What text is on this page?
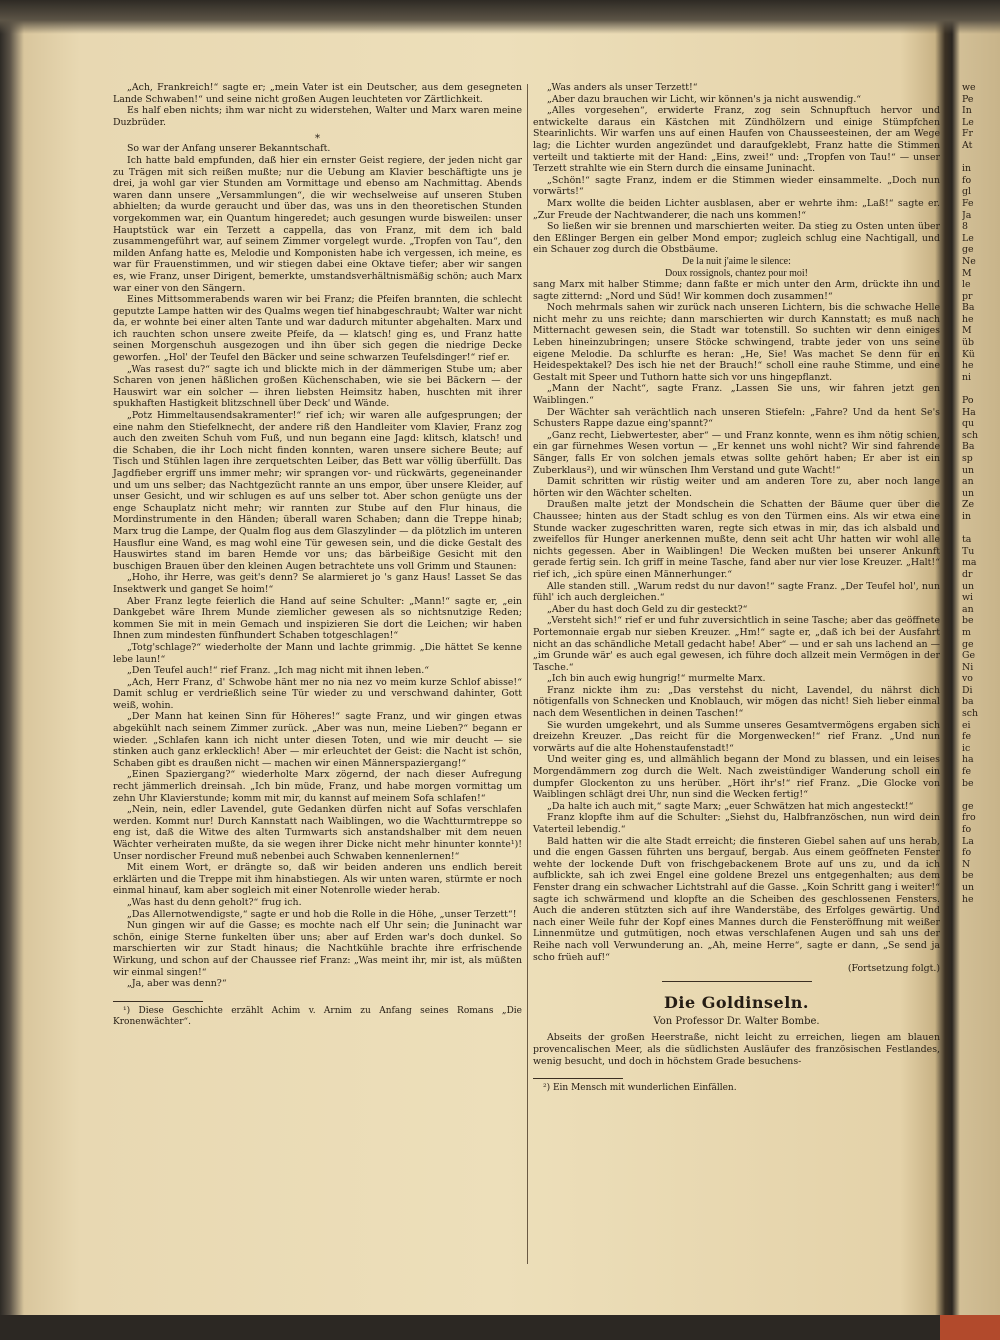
„Ach, Frankreich!“ sagte er; „mein Vater ist ein Deutscher, aus dem gesegneten Lande Schwaben!“ und seine nicht großen Augen leuchteten vor Zärtlichkeit.

Es half eben nichts; ihm war nicht zu widerstehen, Walter und Marx waren meine Duzbrüder.

⁎

So war der Anfang unserer Bekanntschaft.

Ich hatte bald empfunden, daß hier ein ernster Geist regiere, der jeden nicht gar zu Trägen mit sich reißen mußte; nur die Uebung am Klavier beschäftigte uns je drei, ja wohl gar vier Stunden am Vormittage und ebenso am Nachmittag. Abends waren dann unsere „Versammlungen“, die wir wechselweise auf unseren Stuben abhielten; da wurde geraucht und über das, was uns in den theoretischen Stunden vorgekommen war, ein Quantum hingeredet; auch gesungen wurde bisweilen: unser Hauptstück war ein Terzett a cappella, das von Franz, mit dem ich bald zusammengeführt war, auf seinem Zimmer vorgelegt wurde. „Tropfen von Tau“, den milden Anfang hatte es, Melodie und Komponisten habe ich vergessen, ich meine, es war für Frauenstimmen, und wir stiegen dabei eine Oktave tiefer; aber wir sangen es, wie Franz, unser Dirigent, bemerkte, umstandsverhältnismäßig schön; auch Marx war einer von den Sängern.

Eines Mittsommerabends waren wir bei Franz; die Pfeifen brannten, die schlecht geputzte Lampe hatten wir des Qualms wegen tief hinabgeschraubt; Walter war nicht da, er wohnte bei einer alten Tante und war dadurch mitunter abgehalten. Marx und ich rauchten schon unsere zweite Pfeife, da — klatsch! ging es, und Franz hatte seinen Morgenschuh ausgezogen und ihn über sich gegen die niedrige Decke geworfen. „Hol' der Teufel den Bäcker und seine schwarzen Teufelsdinger!“ rief er.

„Was rasest du?“ sagte ich und blickte mich in der dämmerigen Stube um; aber Scharen von jenen häßlichen großen Küchenschaben, wie sie bei Bäckern — der Hauswirt war ein solcher — ihren liebsten Heimsitz haben, huschten mit ihrer spukhaften Hastigkeit blitzschnell über Deck' und Wände.

„Potz Himmeltausendsakramenter!“ rief ich; wir waren alle aufgesprungen; der eine nahm den Stiefelknecht, der andere riß den Handleiter vom Klavier, Franz zog auch den zweiten Schuh vom Fuß, und nun begann eine Jagd: klitsch, klatsch! und die Schaben, die ihr Loch nicht finden konnten, waren unsere sichere Beute; auf Tisch und Stühlen lagen ihre zerquetschten Leiber, das Bett war völlig überfüllt. Das Jagdfieber ergriff uns immer mehr; wir sprangen vor- und rückwärts, gegeneinander und um uns selber; das Nachtgezücht rannte an uns empor, über unsere Kleider, auf unser Gesicht, und wir schlugen es auf uns selber tot. Aber schon genügte uns der enge Schauplatz nicht mehr; wir rannten zur Stube auf den Flur hinaus, die Mordinstrumente in den Händen; überall waren Schaben; dann die Treppe hinab; Marx trug die Lampe, der Qualm flog aus dem Glaszylinder — da plötzlich im unteren Hausflur eine Wand, es mag wohl eine Tür gewesen sein, und die dicke Gestalt des Hauswirtes stand im baren Hemde vor uns; das bärbeißige Gesicht mit den buschigen Brauen über den kleinen Augen betrachtete uns voll Grimm und Staunen:

„Hoho, ihr Herre, was geit's denn? Se alarmieret jo 's ganz Haus! Lasset Se das Insektwerk und ganget Se hoim!“

Aber Franz legte feierlich die Hand auf seine Schulter: „Mann!“ sagte er, „ein Dankgebet wäre Ihrem Munde ziemlicher gewesen als so nichtsnutzige Reden; kommen Sie mit in mein Gemach und inspizieren Sie dort die Leichen; wir haben Ihnen zum mindesten fünfhundert Schaben totgeschlagen!“

„Totg'schlage?“ wiederholte der Mann und lachte grimmig. „Die hättet Se kenne lebe laun!“

„Den Teufel auch!“ rief Franz. „Ich mag nicht mit ihnen leben.“

„Ach, Herr Franz, d' Schwobe hänt mer no nia nez vo meim kurze Schlof abisse!“ Damit schlug er verdrießlich seine Tür wieder zu und verschwand dahinter, Gott weiß, wohin.

„Der Mann hat keinen Sinn für Höheres!“ sagte Franz, und wir gingen etwas abgekühlt nach seinem Zimmer zurück. „Aber was nun, meine Lieben?“ begann er wieder. „Schlafen kann ich nicht unter diesen Toten, und wie mir deucht — sie stinken auch ganz erklecklich! Aber — mir erleuchtet der Geist: die Nacht ist schön, Schaben gibt es draußen nicht — machen wir einen Männerspaziergang!“

„Einen Spaziergang?“ wiederholte Marx zögernd, der nach dieser Aufregung recht jämmerlich dreinsah. „Ich bin müde, Franz, und habe morgen vormittag um zehn Uhr Klavierstunde; komm mit mir, du kannst auf meinem Sofa schlafen!“

„Nein, nein, edler Lavendel, gute Gedanken dürfen nicht auf Sofas verschlafen werden. Kommt nur! Durch Kannstatt nach Waiblingen, wo die Wachtturmtreppe so eng ist, daß die Witwe des alten Turmwarts sich anstandshalber mit dem neuen Wächter verheiraten mußte, da sie wegen ihrer Dicke nicht mehr hinunter konnte¹)! Unser nordischer Freund muß nebenbei auch Schwaben kennenlernen!“

Mit einem Wort, er drängte so, daß wir beiden anderen uns endlich bereit erklärten und die Treppe mit ihm hinabstiegen. Als wir unten waren, stürmte er noch einmal hinauf, kam aber sogleich mit einer Notenrolle wieder herab.

„Was hast du denn geholt?“ frug ich.

„Das Allernotwendigste,“ sagte er und hob die Rolle in die Höhe, „unser Terzett“!

Nun gingen wir auf die Gasse; es mochte nach elf Uhr sein; die Juninacht war schön, einige Sterne funkelten über uns; aber auf Erden war's doch dunkel. So marschierten wir zur Stadt hinaus; die Nachtkühle brachte ihre erfrischende Wirkung, und schon auf der Chaussee rief Franz: „Was meint ihr, mir ist, als müßten wir einmal singen!“

„Ja, aber was denn?“

¹) Diese Geschichte erzählt Achim v. Arnim zu Anfang seines Romans „Die Kronenwächter“.

„Was anders als unser Terzett!“

„Aber dazu brauchen wir Licht, wir können's ja nicht auswendig.“

„Alles vorgesehen“, erwiderte Franz, zog sein Schnupftuch hervor und entwickelte daraus ein Kästchen mit Zündhölzern und einige Stümpfchen Stearinlichts. Wir warfen uns auf einen Haufen von Chausseesteinen, der am Wege lag; die Lichter wurden angezündet und daraufgeklebt, Franz hatte die Stimmen verteilt und taktierte mit der Hand: „Eins, zwei!“ und: „Tropfen von Tau!“ — unser Terzett strahlte wie ein Stern durch die einsame Juninacht.

„Schön!“ sagte Franz, indem er die Stimmen wieder einsammelte. „Doch nun vorwärts!“

Marx wollte die beiden Lichter ausblasen, aber er wehrte ihm: „Laß!“ sagte er. „Zur Freude der Nachtwanderer, die nach uns kommen!“

So ließen wir sie brennen und marschierten weiter. Da stieg zu Osten unten über den Eßlinger Bergen ein gelber Mond empor; zugleich schlug eine Nachtigall, und ein Schauer zog durch die Obstbäume.

De la nuit j'aime le silence:

Doux rossignols, chantez pour moi!

sang Marx mit halber Stimme; dann faßte er mich unter den Arm, drückte ihn und sagte zitternd: „Nord und Süd! Wir kommen doch zusammen!“

Noch mehrmals sahen wir zurück nach unseren Lichtern, bis die schwache Helle nicht mehr zu uns reichte; dann marschierten wir durch Kannstatt; es muß nach Mitternacht gewesen sein, die Stadt war totenstill. So suchten wir denn einiges Leben hineinzubringen; unsere Stöcke schwingend, trabte jeder von uns seine eigene Melodie. Da schlurfte es heran: „He, Sie! Was machet Se denn für en Heidespektakel? Des isch hie net der Brauch!“ scholl eine rauhe Stimme, und eine Gestalt mit Speer und Tuthorn hatte sich vor uns hingepflanzt.

„Mann der Nacht“, sagte Franz. „Lassen Sie uns, wir fahren jetzt gen Waiblingen.“

Der Wächter sah verächtlich nach unseren Stiefeln: „Fahre? Und da hent Se's Schusters Rappe dazue eing'spannt?“

„Ganz recht, Liebwertester, aber“ — und Franz konnte, wenn es ihm nötig schien, ein gar fürnehmes Wesen vortun — „Er kennet uns wohl nicht? Wir sind fahrende Sänger, falls Er von solchen jemals etwas sollte gehört haben; Er aber ist ein Zuberklaus²), und wir wünschen Ihm Verstand und gute Wacht!“

Damit schritten wir rüstig weiter und am anderen Tore zu, aber noch lange hörten wir den Wächter schelten.

Draußen malte jetzt der Mondschein die Schatten der Bäume quer über die Chaussee; hinten aus der Stadt schlug es von den Türmen eins. Als wir etwa eine Stunde wacker zugeschritten waren, regte sich etwas in mir, das ich alsbald und zweifellos für Hunger anerkennen mußte, denn seit acht Uhr hatten wir wohl alle nichts gegessen. Aber in Waiblingen! Die Wecken mußten bei unserer Ankunft gerade fertig sein. Ich griff in meine Tasche, fand aber nur vier lose Kreuzer. „Halt!“ rief ich, „ich spüre einen Männerhunger.“

Alle standen still. „Warum redst du nur davon!“ sagte Franz. „Der Teufel hol', nun fühl' ich auch dergleichen.“

„Aber du hast doch Geld zu dir gesteckt?“

„Versteht sich!“ rief er und fuhr zuversichtlich in seine Tasche; aber das geöffnete Portemonnaie ergab nur sieben Kreuzer. „Hm!“ sagte er, „daß ich bei der Ausfahrt nicht an das schändliche Metall gedacht habe! Aber“ — und er sah uns lachend an — „im Grunde wär' es auch egal gewesen, ich führe doch allzeit mein Vermögen in der Tasche.“

„Ich bin auch ewig hungrig!“ murmelte Marx.

Franz nickte ihm zu: „Das verstehst du nicht, Lavendel, du nährst dich nötigenfalls von Schnecken und Knoblauch, wir mögen das nicht! Sieh lieber einmal nach dem Wesentlichen in deinen Taschen!“

Sie wurden umgekehrt, und als Summe unseres Gesamtvermögens ergaben sich dreizehn Kreuzer. „Das reicht für die Morgenwecken!“ rief Franz. „Und nun vorwärts auf die alte Hohenstaufenstadt!“

Und weiter ging es, und allmählich begann der Mond zu blassen, und ein leises Morgendämmern zog durch die Welt. Nach zweistündiger Wanderung scholl ein dumpfer Glockenton zu uns herüber. „Hört ihr's!“ rief Franz. „Die Glocke von Waiblingen schlägt drei Uhr, nun sind die Wecken fertig!“

„Da halte ich auch mit,“ sagte Marx; „euer Schwätzen hat mich angesteckt!“

Franz klopfte ihm auf die Schulter: „Siehst du, Halbfranzöschen, nun wird dein Vaterteil lebendig.“

Bald hatten wir die alte Stadt erreicht; die finsteren Giebel sahen auf uns herab, und die engen Gassen führten uns bergauf, bergab. Aus einem geöffneten Fenster wehte der lockende Duft von frischgebackenem Brote auf uns zu, und da ich aufblickte, sah ich zwei Engel eine goldene Brezel uns entgegenhalten; aus dem Fenster drang ein schwacher Lichtstrahl auf die Gasse. „Koin Schritt gang i weiter!“ sagte ich schwärmend und klopfte an die Scheiben des geschlossenen Fensters. Auch die anderen stützten sich auf ihre Wanderstäbe, des Erfolges gewärtig. Und nach einer Weile fuhr der Kopf eines Mannes durch die Fensteröffnung mit weißer Linnenmütze und gutmütigen, noch etwas verschlafenen Augen und sah uns der Reihe nach voll Verwunderung an. „Ah, meine Herre“, sagte er dann, „Se send ja scho früeh auf!“

(Fortsetzung folgt.)

Die Goldinseln.
Von Professor Dr. Walter Bombe.

Abseits der großen Heerstraße, nicht leicht zu erreichen, liegen am blauen provencalischen Meer, als die südlichsten Ausläufer des französischen Festlandes, wenig besucht, und doch in höchstem Grade besuchens-

²) Ein Mensch mit wunderlichen Einfällen.

we
Pe
In
Le
Fr
At

in
fo
gl
Fe
Ja
8
Le
ge
Ne
M
le
pr
Ba
he
M
üb
Kü
he
ni

Po
Ha
qu
sch
Ba
sp
un
an
un
Ze
in

ta
Tu
ma
dr
un
wi
an
be
m
ge
Ge
Ni
vo
Di
ba
sch
ei
fe
ic
ha
fe
be

ge
fro
fo
La
fo
N
be
un
he
